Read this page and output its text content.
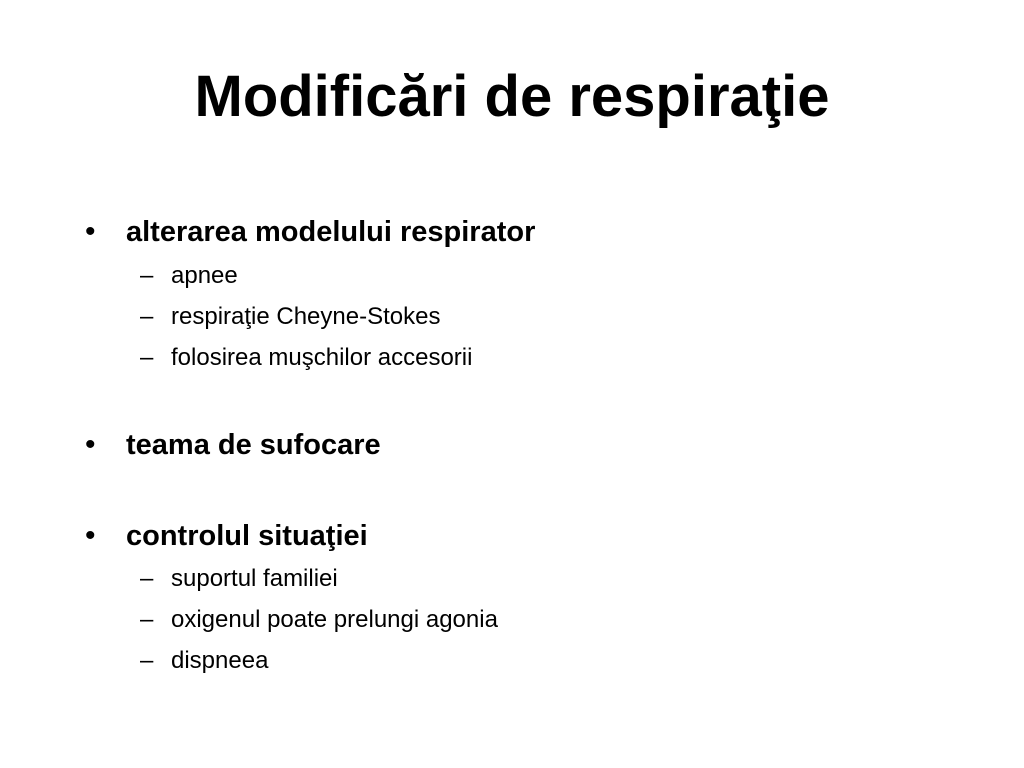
Modificări de respiraţie
• alterarea modelului respirator
– apnee
– respiraţie Cheyne-Stokes
– folosirea muşchilor accesorii
• teama de sufocare
• controlul situaţiei
– suportul familiei
– oxigenul poate prelungi agonia
– dispneea
